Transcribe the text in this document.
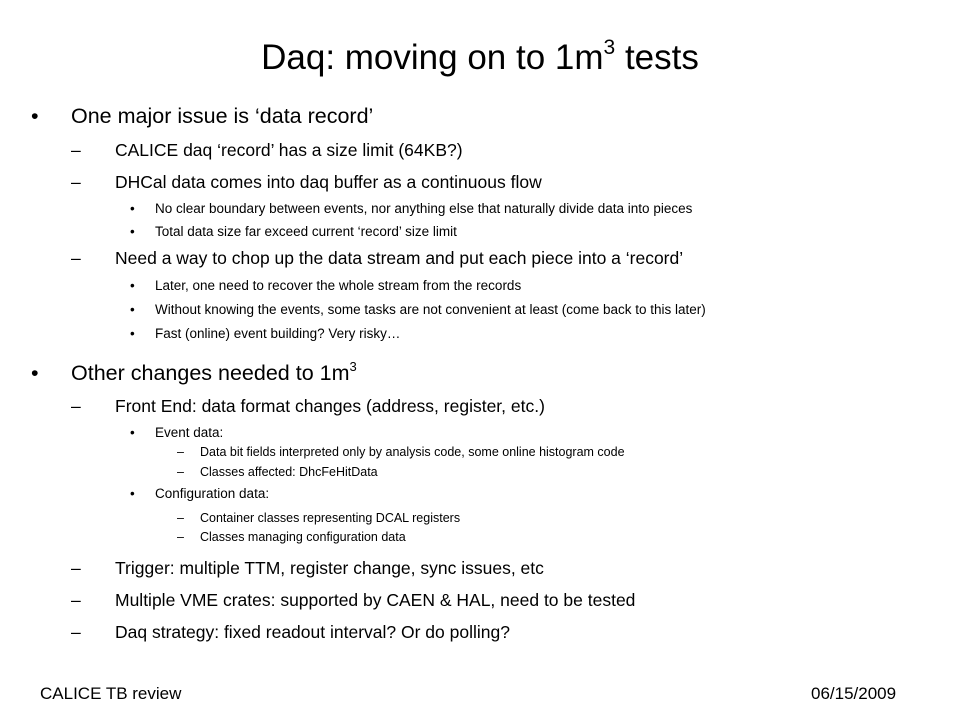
Daq: moving on to $1m^3$ tests
• One major issue is ‘data record’
– CALICE daq ‘record’ has a size limit (64KB?)
– DHCal data comes into daq buffer as a continuous flow
• No clear boundary between events, nor anything else that naturally divide data into pieces
• Total data size far exceed current ‘record’ size limit
– Need a way to chop up the data stream and put each piece into a ‘record’
• Later, one need to recover the whole stream from the records
• Without knowing the events, some tasks are not convenient at least (come back to this later)
• Fast (online) event building? Very risky…
• Other changes needed to $1m^3$
– Front End: data format changes (address, register, etc.)
• Event data:
– Data bit fields interpreted only by analysis code, some online histogram code
– Classes affected: DhcFeHitData
• Configuration data:
– Container classes representing DCAL registers
– Classes managing configuration data
– Trigger: multiple TTM, register change, sync issues, etc
– Multiple VME crates: supported by CAEN & HAL, need to be tested
– Daq strategy: fixed readout interval? Or do polling?
CALICE TB review	06/15/2009
